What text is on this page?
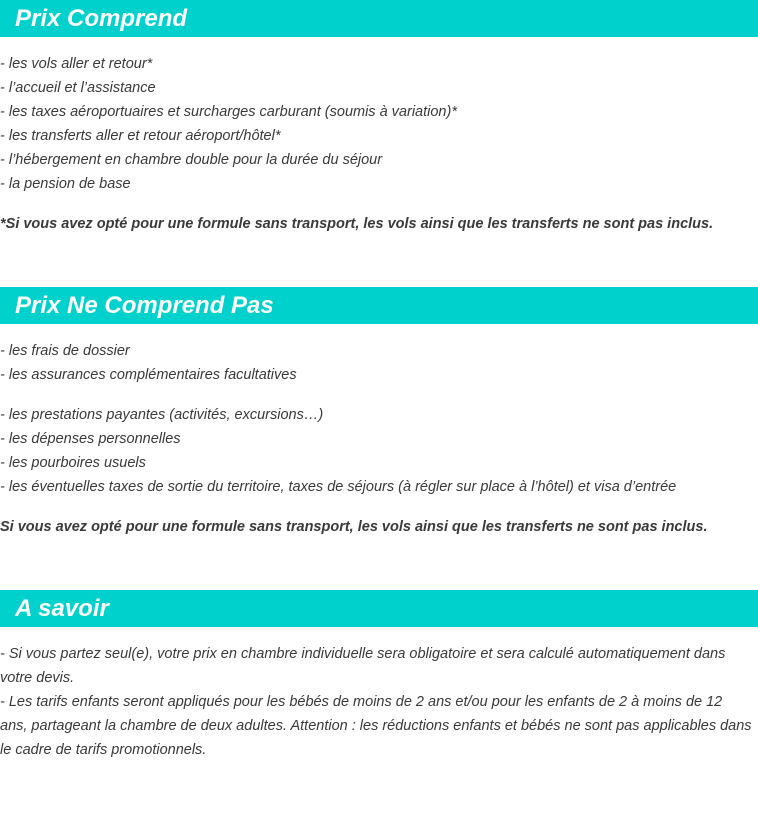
Prix Comprend
- les vols aller et retour*
- l’accueil et l’assistance
- les taxes aéroportuaires et surcharges carburant (soumis à variation)*
- les transferts aller et retour aéroport/hôtel*
- l’hébergement en chambre double pour la durée du séjour
- la pension de base
*Si vous avez opté pour une formule sans transport, les vols ainsi que les transferts ne sont pas inclus.
Prix Ne Comprend Pas
- les frais de dossier
- les assurances complémentaires facultatives
- les prestations payantes (activités, excursions…)
- les dépenses personnelles
- les pourboires usuels
- les éventuelles taxes de sortie du territoire, taxes de séjours (à régler sur place à l’hôtel) et visa d’entrée
Si vous avez opté pour une formule sans transport, les vols ainsi que les transferts ne sont pas inclus.
A savoir
- Si vous partez seul(e), votre prix en chambre individuelle sera obligatoire et sera calculé automatiquement dans votre devis.
- Les tarifs enfants seront appliqués pour les bébés de moins de 2 ans et/ou pour les enfants de 2 à moins de 12 ans, partageant la chambre de deux adultes. Attention : les réductions enfants et bébés ne sont pas applicables dans le cadre de tarifs promotionnels.
